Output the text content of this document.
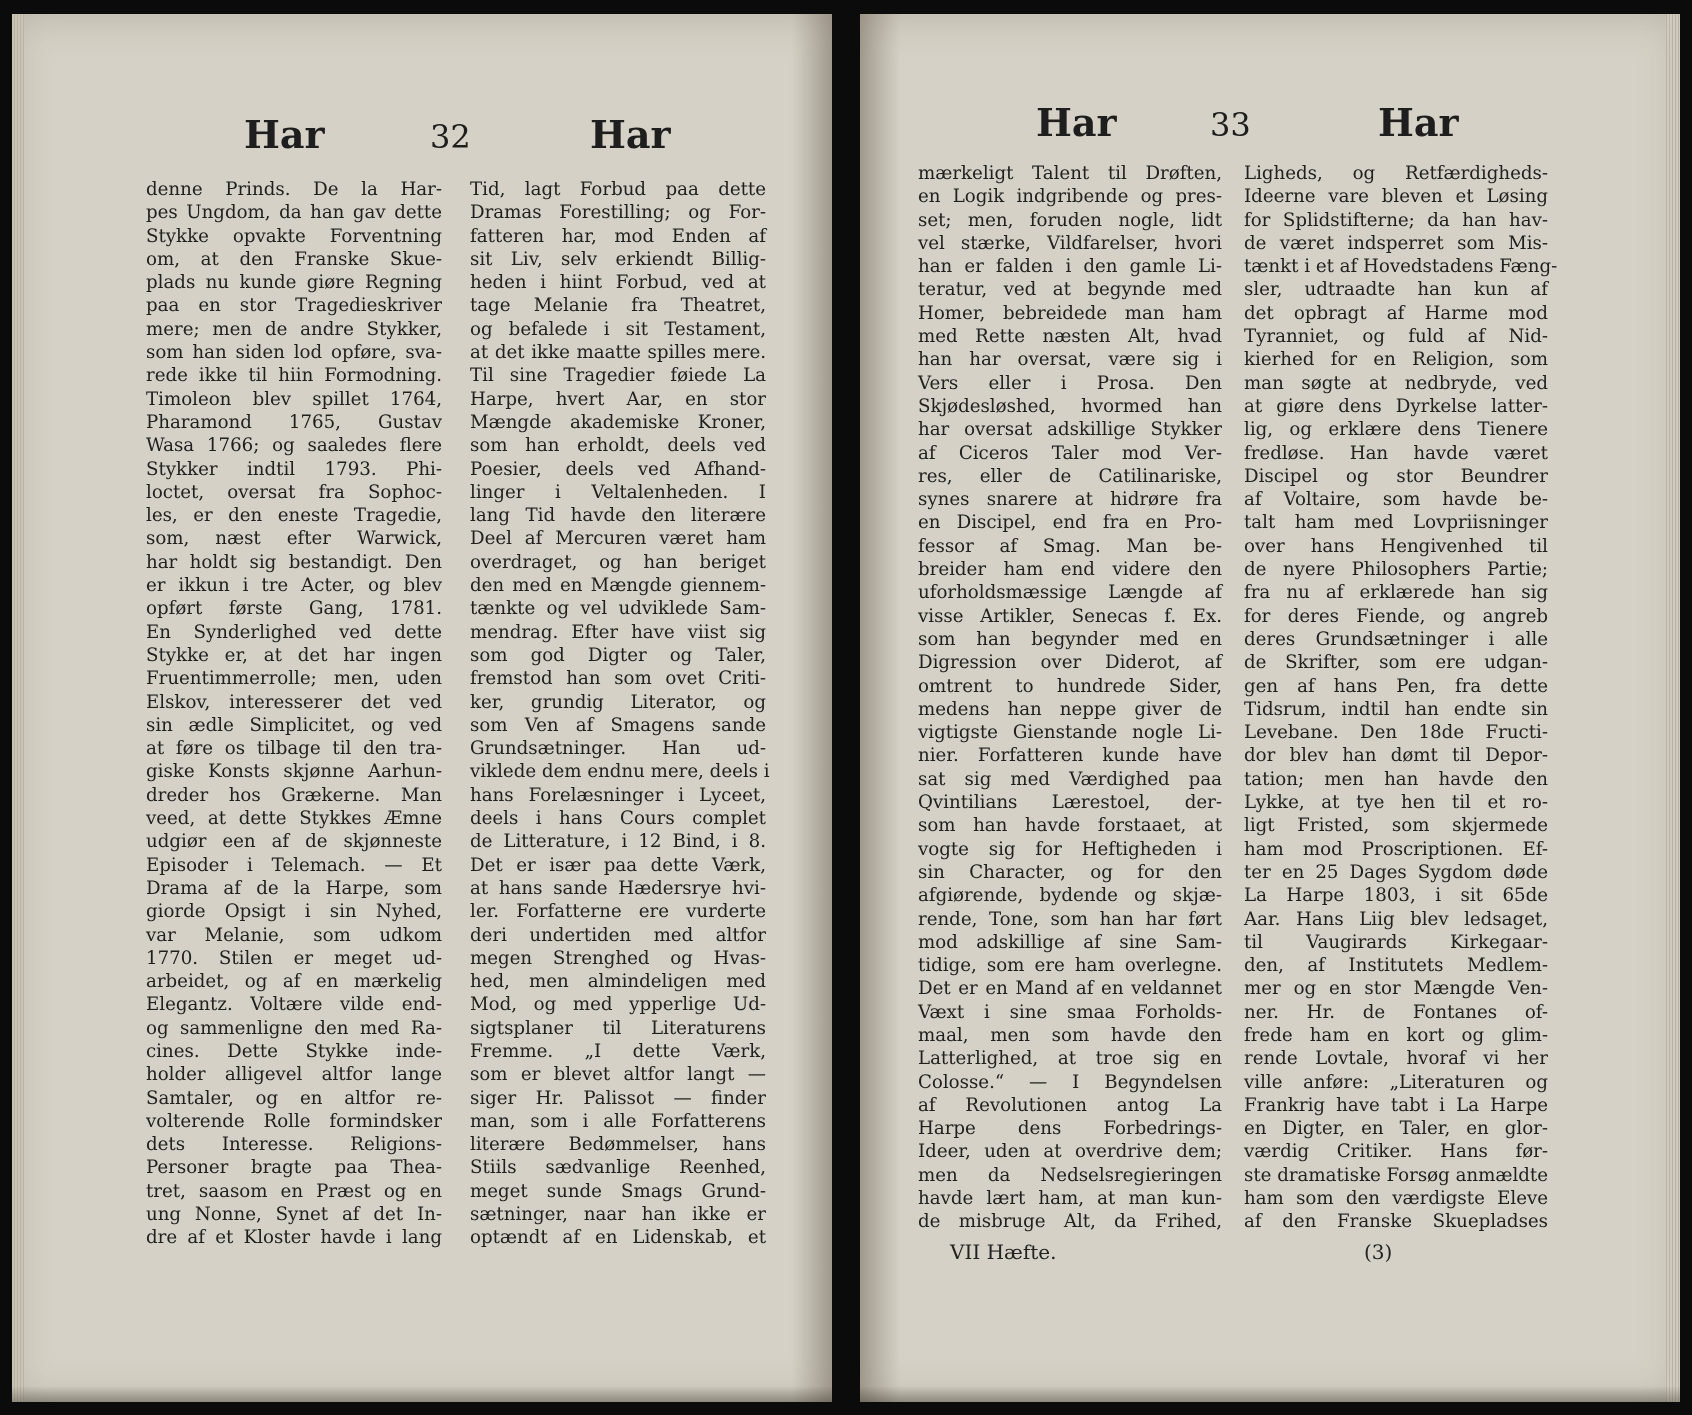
Har	32	Har
denne Prinds. De la Har-
pes Ungdom, da han gav dette
Stykke opvakte Forventning
om, at den Franske Skue-
plads nu kunde giøre Regning
paa en stor Tragedieskriver
mere; men de andre Stykker,
som han siden lod opføre, sva-
rede ikke til hiin Formodning.
Timoleon blev spillet 1764,
Pharamond 1765, Gustav
Wasa 1766; og saaledes flere
Stykker indtil 1793. Phi-
loctet, oversat fra Sophoc-
les, er den eneste Tragedie,
som, næst efter Warwick,
har holdt sig bestandigt. Den
er ikkun i tre Acter, og blev
opført første Gang, 1781.
En Synderlighed ved dette
Stykke er, at det har ingen
Fruentimmerrolle; men, uden
Elskov, interesserer det ved
sin ædle Simplicitet, og ved
at føre os tilbage til den tra-
giske Konsts skjønne Aarhun-
dreder hos Grækerne. Man
veed, at dette Stykkes Æmne
udgiør een af de skjønneste
Episoder i Telemach. — Et
Drama af de la Harpe, som
giorde Opsigt i sin Nyhed,
var Melanie, som udkom
1770. Stilen er meget ud-
arbeidet, og af en mærkelig
Elegantz. Voltære vilde end-
og sammenligne den med Ra-
cines. Dette Stykke inde-
holder alligevel altfor lange
Samtaler, og en altfor re-
volterende Rolle formindsker
dets Interesse. Religions-
Personer bragte paa Thea-
tret, saasom en Præst og en
ung Nonne, Synet af det In-
dre af et Kloster havde i lang
Tid, lagt Forbud paa dette
Dramas Forestilling; og For-
fatteren har, mod Enden af
sit Liv, selv erkiendt Billig-
heden i hiint Forbud, ved at
tage Melanie fra Theatret,
og befalede i sit Testament,
at det ikke maatte spilles mere.
Til sine Tragedier føiede La
Harpe, hvert Aar, en stor
Mængde akademiske Kroner,
som han erholdt, deels ved
Poesier, deels ved Afhand-
linger i Veltalenheden. I
lang Tid havde den literære
Deel af Mercuren været ham
overdraget, og han beriget
den med en Mængde giennem-
tænkte og vel udviklede Sam-
mendrag. Efter have viist sig
som god Digter og Taler,
fremstod han som ovet Criti-
ker, grundig Literator, og
som Ven af Smagens sande
Grundsætninger. Han ud-
viklede dem endnu mere, deels i
hans Forelæsninger i Lyceet,
deels i hans Cours complet
de Litterature, i 12 Bind, i 8.
Det er især paa dette Værk,
at hans sande Hædersrye hvi-
ler. Forfatterne ere vurderte
deri undertiden med altfor
megen Strenghed og Hvas-
hed, men almindeligen med
Mod, og med ypperlige Ud-
sigtsplaner til Literaturens
Fremme. „I dette Værk,
som er blevet altfor langt —
siger Hr. Palissot — finder
man, som i alle Forfatterens
literære Bedømmelser, hans
Stiils sædvanlige Reenhed,
meget sunde Smags Grund-
sætninger, naar han ikke er
optændt af en Lidenskab, et
Har	33	Har
mærkeligt Talent til Drøften,
en Logik indgribende og pres-
set; men, foruden nogle, lidt
vel stærke, Vildfarelser, hvori
han er falden i den gamle Li-
teratur, ved at begynde med
Homer, bebreidede man ham
med Rette næsten Alt, hvad
han har oversat, være sig i
Vers eller i Prosa. Den
Skjødesløshed, hvormed han
har oversat adskillige Stykker
af Ciceros Taler mod Ver-
res, eller de Catilinariske,
synes snarere at hidrøre fra
en Discipel, end fra en Pro-
fessor af Smag. Man be-
breider ham end videre den
uforholdsmæssige Længde af
visse Artikler, Senecas f. Ex.
som han begynder med en
Digression over Diderot, af
omtrent to hundrede Sider,
medens han neppe giver de
vigtigste Gienstande nogle Li-
nier. Forfatteren kunde have
sat sig med Værdighed paa
Qvintilians Lærestoel, der-
som han havde forstaaet, at
vogte sig for Heftigheden i
sin Character, og for den
afgiørende, bydende og skjæ-
rende, Tone, som han har ført
mod adskillige af sine Sam-
tidige, som ere ham overlegne.
Det er en Mand af en veldannet
Væxt i sine smaa Forholds-
maal, men som havde den
Latterlighed, at troe sig en
Colosse.“ — I Begyndelsen
af Revolutionen antog La
Harpe dens Forbedrings-
Ideer, uden at overdrive dem;
men da Nedselsregieringen
havde lært ham, at man kun-
de misbruge Alt, da Frihed,
Ligheds, og Retfærdigheds-
Ideerne vare bleven et Løsing
for Splidstifterne; da han hav-
de været indsperret som Mis-
tænkt i et af Hovedstadens Fæng-
sler, udtraadte han kun af
det opbragt af Harme mod
Tyranniet, og fuld af Nid-
kierhed for en Religion, som
man søgte at nedbryde, ved
at giøre dens Dyrkelse latter-
lig, og erklære dens Tienere
fredløse. Han havde været
Discipel og stor Beundrer
af Voltaire, som havde be-
talt ham med Lovpriisninger
over hans Hengivenhed til
de nyere Philosophers Partie;
fra nu af erklærede han sig
for deres Fiende, og angreb
deres Grundsætninger i alle
de Skrifter, som ere udgan-
gen af hans Pen, fra dette
Tidsrum, indtil han endte sin
Levebane. Den 18de Fructi-
dor blev han dømt til Depor-
tation; men han havde den
Lykke, at tye hen til et ro-
ligt Fristed, som skjermede
ham mod Proscriptionen. Ef-
ter en 25 Dages Sygdom døde
La Harpe 1803, i sit 65de
Aar. Hans Liig blev ledsaget,
til Vaugirards Kirkegaar-
den, af Institutets Medlem-
mer og en stor Mængde Ven-
ner. Hr. de Fontanes of-
frede ham en kort og glim-
rende Lovtale, hvoraf vi her
ville anføre: „Literaturen og
Frankrig have tabt i La Harpe
en Digter, en Taler, en glor-
værdig Critiker. Hans før-
ste dramatiske Forsøg anmældte
ham som den værdigste Eleve
af den Franske Skuepladses
VII Hæfte.	(3)
